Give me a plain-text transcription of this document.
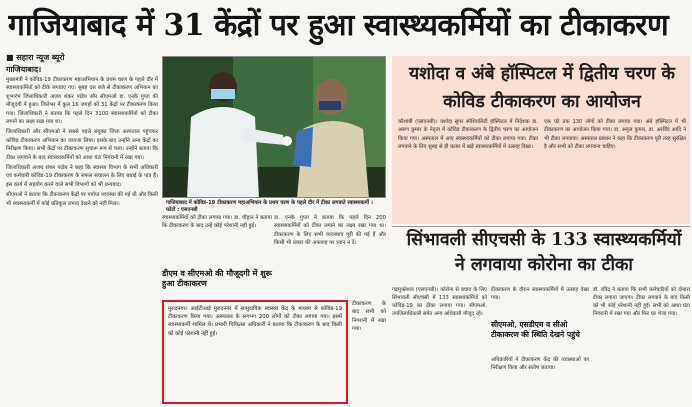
गाजियाबाद में 31 केंद्रों पर हुआ स्वास्थ्यकर्मियों का टीकाकरण
■ सहारा न्यूज ब्यूरो
गाजियाबाद।

मुख्यमंत्री ने कोविड-19 टीकाकरण महाअभियान के प्रथम चरण के पहले दौर में स्वास्थ्यकर्मियों को टीके लगवाए गए। सुबह दस बजे से टीकाकरण अभियान का शुभारंभ जिलाधिकारी अजय शंकर पांडेय और सीएमओ डा. एनके गुप्ता की मौजूदगी में हुआ। जिलेभर में कुल 16 जगहों को 31 केंद्रों पर टीकाकरण किया गया। जिलाधिकारी ने बताया कि पहले दिन 3100 स्वास्थ्यकर्मियों को टीका लगाने का लक्ष्य रखा गया था।

जिलाधिकारी और सीएमओ ने सबसे पहले संयुक्त जिला अस्पताल पहुंचकर कोविड टीकाकरण अभियान का जायजा लिया। इसके बाद उन्होंने अन्य केंद्रों का निरीक्षण किया। सभी केंद्रों पर टीकाकरण सुचारू रूप से चला। उन्होंने बताया कि टीका लगवाने के बाद स्वास्थ्यकर्मियों को आधा घंटा निगरानी में रखा गया।

जिलाधिकारी अजय शंकर पांडेय ने कहा कि स्वास्थ्य विभाग के सभी अधिकारी एवं कर्मचारी कोविड-19 टीकाकरण के सफल संचालन के लिए बधाई के पात्र हैं। इस कार्य में सहयोग करने वाले सभी विभागों को भी धन्यवाद।

सीएमओ ने बताया कि टीकाकरण केंद्रों पर पर्याप्त व्यवस्था की गई थी और किसी भी स्वास्थ्यकर्मी में कोई प्रतिकूल प्रभाव देखने को नहीं मिला।	गाजियाबाद में कोविड-19 टीकाकरण महाअभियान के प्रथम चरण के पहले दौर में टीका लगवाते स्वास्थ्यकर्मी । फोटो : एसएनबी
स्वास्थ्यकर्मियों को टीका लगाया गया। डा. चौहान ने बताया कि टीकाकरण के बाद उन्हें कोई परेशानी नहीं हुई।
डा. एनके गुप्ता ने बताया कि पहले दिन 200 स्वास्थ्यकर्मियों को टीका लगाने का लक्ष्य रखा गया था। टीकाकरण के लिए सभी व्यवस्थाएं पूरी की गई हैं और किसी भी प्रकार की अफवाह पर ध्यान न दें।
डीएम व सीएमओ की मौजूदगी में शुरू हुआ टीकाकरण
मुरादनगर। आईटीआई मुरादनगर में सामुदायिक स्वास्थ्य केंद्र के माध्यम से कोविड-19 टीकाकरण किया गया। अस्पताल के लगभग 200 लोगों को टीका लगाया गया। इसमें स्वास्थ्यकर्मी शामिल थे। प्रभारी चिकित्सा अधिकारी ने बताया कि टीकाकरण के बाद किसी को कोई परेशानी नहीं हुई।
टीकाकरण के बाद सभी को निगरानी में रखा गया।
यशोदा व अंबे हॉस्पिटल में द्वितीय चरण के कोविड टीकाकरण का आयोजन
कौशांबी (एसएनबी)। यशोदा सुपर स्पेशियलिटी हॉस्पिटल में निदेशक डा. अरुण कुमार के नेतृत्व में कोविड टीकाकरण के द्वितीय चरण का आयोजन किया गया। अस्पताल में आए स्वास्थ्यकर्मियों को टीका लगाया गया। टीका लगवाने के लिए सुबह से ही कतार में खड़े स्वास्थ्यकर्मियों में उत्साह दिखा।
एक घंटे तक 130 लोगों को टीका लगाया गया। अंबे हॉस्पिटल में भी टीकाकरण का आयोजन किया गया। डा. अनुज कुमार, डा. अरविंद आदि ने भी टीका लगवाया। अस्पताल प्रबंधन ने कहा कि टीकाकरण पूरी तरह सुरक्षित है और सभी को टीका लगवाना चाहिए।
सिंभावली सीएचसी के 133 स्वास्थ्यकर्मियों ने लगवाया कोरोना का टीका
गढ़मुक्तेश्वर (एसएनबी)। कोरोना से बचाव के लिए सिंभावली सीएचसी में 133 स्वास्थ्यकर्मियों को कोविड-19 का टीका लगाया गया। सीएमओ, उपजिलाधिकारी समेत अन्य अधिकारी मौजूद रहे।
टीकाकरण के दौरान स्वास्थ्यकर्मियों में उत्साह देखा गया।
सीएमओ, एसडीएम व सीओ टीकाकरण की स्थिति देखने पहुंचे
अधिकारियों ने टीकाकरण केंद्र की व्यवस्थाओं का निरीक्षण किया और संतोष जताया।
डॉ. रविंद्र ने बताया कि सभी कर्मचारियों को दोबारा टीका लगाया जाएगा। टीका लगवाने के बाद किसी को भी कोई परेशानी नहीं हुई। सभी को आधा घंटा निगरानी में रखा गया और फिर घर भेजा गया।
